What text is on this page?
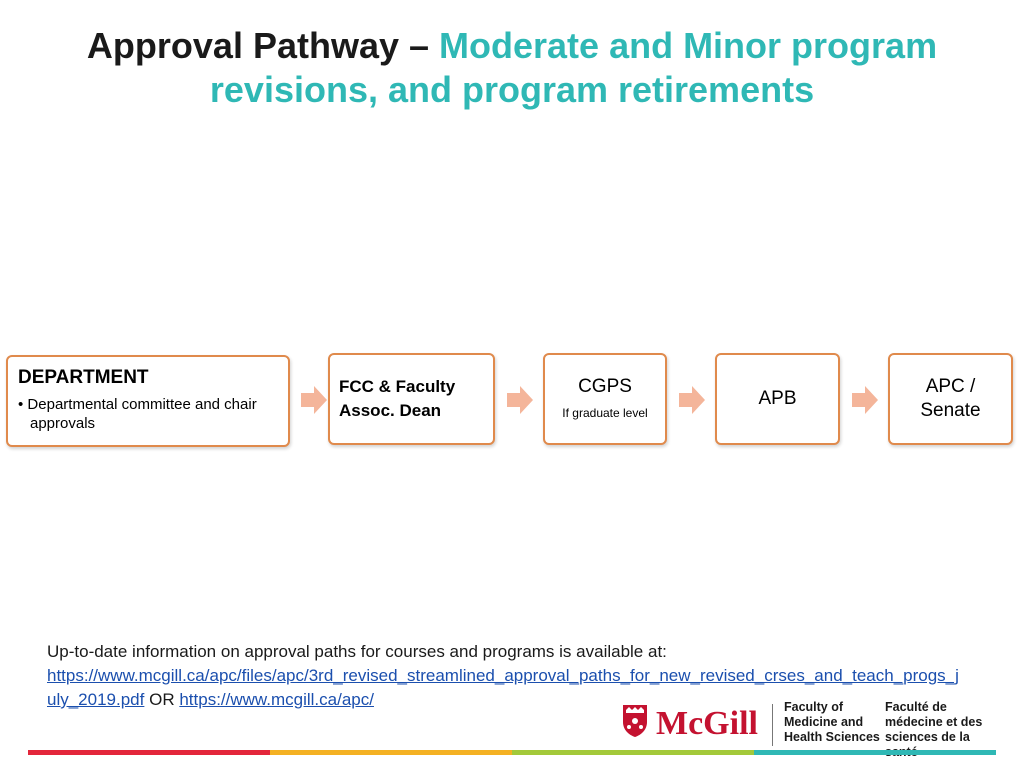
Approval Pathway – Moderate and Minor program revisions, and program retirements
DEPARTMENT
• Departmental committee and chair approvals
FCC & Faculty Assoc. Dean
CGPS
If graduate level
APB
APC / Senate
Up-to-date information on approval paths for courses and programs is available at:
https://www.mcgill.ca/apc/files/apc/3rd_revised_streamlined_approval_paths_for_new_revised_crses_and_teach_progs_july_2019.pdf OR https://www.mcgill.ca/apc/
McGill Faculty of Medicine and Health Sciences
Faculté de médecine et des sciences de la
